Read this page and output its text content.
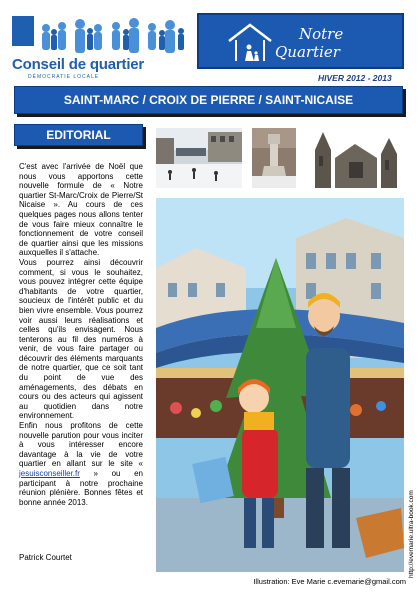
Conseil de quartier
DÉMOCRATIE LOCALE
Notre
Quartier
HIVER 2012 - 2013
SAINT-MARC / CROIX DE PIERRE / SAINT-NICAISE
EDITORIAL

C'est avec l'arrivée de Noël que nous vous apportons cette nouvelle formule de « Notre quartier St-Marc/Croix de Pierre/St Nicaise ». Au cours de ces quelques pages nous allons tenter de vous faire mieux connaître le fonctionnement de votre conseil de quartier ainsi que les missions auxquelles il s'attache.

Vous pourrez ainsi découvrir comment, si vous le souhaitez, vous pouvez intégrer cette équipe d'habitants de votre quartier, soucieux de l'intérêt public et du bien vivre ensemble. Vous pourrez voir aussi leurs réalisations et celles qu'ils envisagent. Nous tenterons au fil des numéros à venir, de vous faire partager ou découvrir des éléments marquants de notre quartier, que ce soit tant du point de vue des aménagements, des débats en cours ou des acteurs qui agissent au quotidien dans notre environnement.

Enfin nous profitons de cette nouvelle parution pour vous inciter à vous intéresser encore davantage à la vie de votre quartier en allant sur le site « jesuisconseiller.fr » ou en participant à notre prochaine réunion plénière. Bonnes fêtes et bonne année 2013.

Patrick Courtet	http://evemarie.ultra-book.com
Illustration: Eve Marie c.evemarie@gmail.com
